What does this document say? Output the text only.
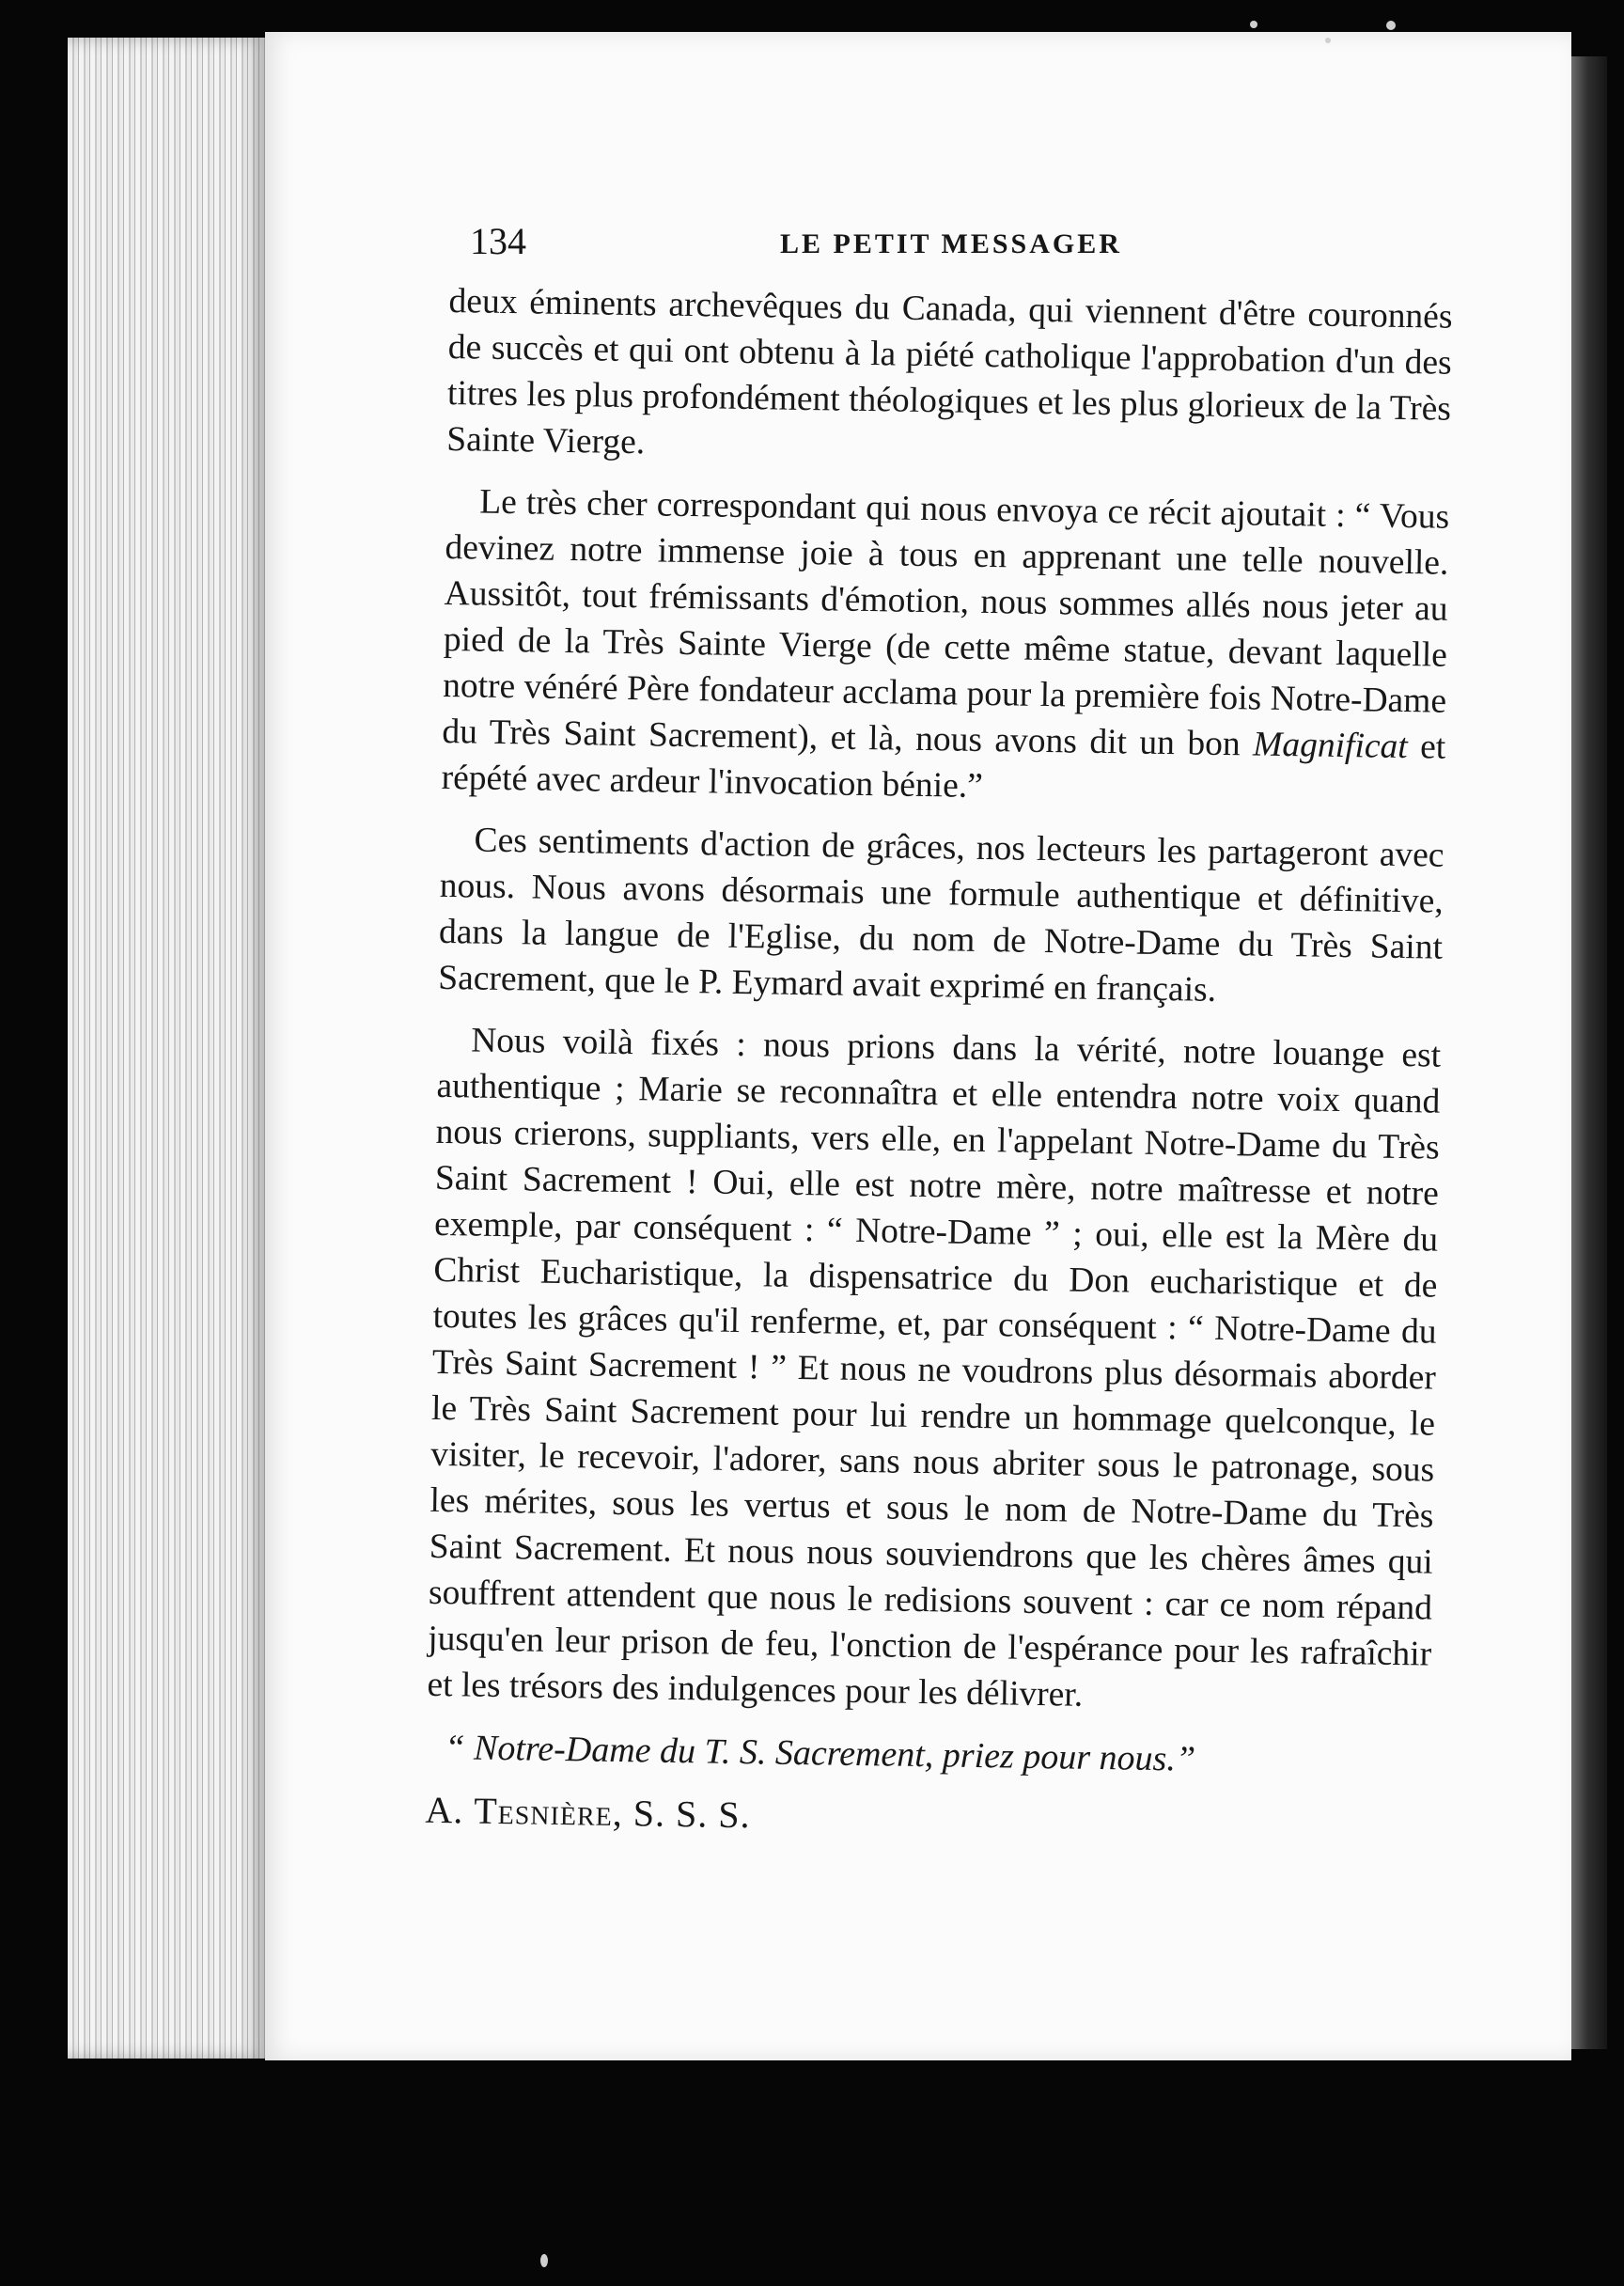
134	LE PETIT MESSAGER

deux éminents archevêques du Canada, qui viennent d'être couronnés de succès et qui ont obtenu à la piété catholique l'approbation d'un des titres les plus profondément théologiques et les plus glorieux de la Très Sainte Vierge.

Le très cher correspondant qui nous envoya ce récit ajoutait : “ Vous devinez notre immense joie à tous en apprenant une telle nouvelle. Aussitôt, tout frémissants d'émotion, nous sommes allés nous jeter au pied de la Très Sainte Vierge (de cette même statue, devant laquelle notre vénéré Père fondateur acclama pour la première fois Notre-Dame du Très Saint Sacrement), et là, nous avons dit un bon Magnificat et répété avec ardeur l'invocation bénie.”

Ces sentiments d'action de grâces, nos lecteurs les partageront avec nous. Nous avons désormais une formule authentique et définitive, dans la langue de l'Eglise, du nom de Notre-Dame du Très Saint Sacrement, que le P. Eymard avait exprimé en français.

Nous voilà fixés : nous prions dans la vérité, notre louange est authentique ; Marie se reconnaîtra et elle entendra notre voix quand nous crierons, suppliants, vers elle, en l'appelant Notre-Dame du Très Saint Sacrement ! Oui, elle est notre mère, notre maîtresse et notre exemple, par conséquent : “ Notre-Dame ” ; oui, elle est la Mère du Christ Eucharistique, la dispensatrice du Don eucharistique et de toutes les grâces qu'il renferme, et, par conséquent : “ Notre-Dame du Très Saint Sacrement ! ” Et nous ne voudrons plus désormais aborder le Très Saint Sacrement pour lui rendre un hommage quelconque, le visiter, le recevoir, l'adorer, sans nous abriter sous le patronage, sous les mérites, sous les vertus et sous le nom de Notre-Dame du Très Saint Sacrement. Et nous nous souviendrons que les chères âmes qui souffrent attendent que nous le redisions souvent : car ce nom répand jusqu'en leur prison de feu, l'onction de l'espérance pour les rafraîchir et les trésors des indulgences pour les délivrer.

“ Notre-Dame du T. S. Sacrement, priez pour nous.”

A. Tesnière, S. S. S.
